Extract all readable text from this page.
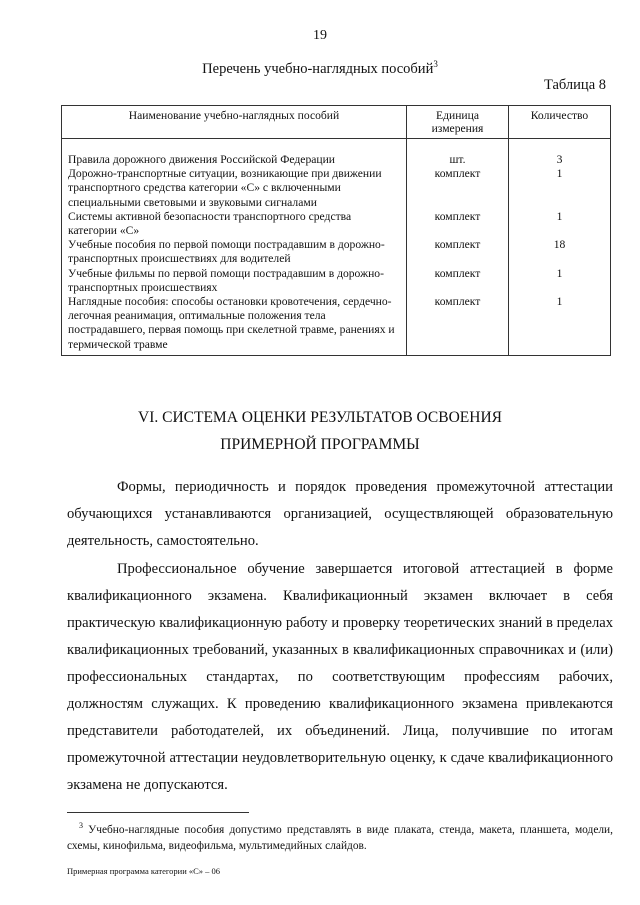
19
Перечень учебно-наглядных пособий$^3$
Таблица 8
Наименование учебно-наглядных пособий	Единица измерения	Количество

Правила дорожного движения Российской Федерации	шт.	3
Дорожно-транспортные ситуации, возникающие при движении транспортного средства категории «С» с включенными специальными световыми и звуковыми сигналами	комплект	1
Системы активной безопасности транспортного средства категории «С»	комплект	1
Учебные пособия по первой помощи пострадавшим в дорожно-транспортных происшествиях для водителей	комплект	18
Учебные фильмы по первой помощи пострадавшим в дорожно-транспортных происшествиях	комплект	1
Наглядные пособия: способы остановки кровотечения, сердечно-легочная реанимация, оптимальные положения тела пострадавшего, первая помощь при скелетной травме, ранениях и термической травме	комплект	1
VI. СИСТЕМА ОЦЕНКИ РЕЗУЛЬТАТОВ ОСВОЕНИЯ
ПРИМЕРНОЙ ПРОГРАММЫ

Формы, периодичность и порядок проведения промежуточной аттестации обучающихся устанавливаются организацией, осуществляющей образовательную деятельность, самостоятельно.

Профессиональное обучение завершается итоговой аттестацией в форме квалификационного экзамена. Квалификационный экзамен включает в себя практическую квалификационную работу и проверку теоретических знаний в пределах квалификационных требований, указанных в квалификационных справочниках и (или) профессиональных стандартах, по соответствующим профессиям рабочих, должностям служащих. К проведению квалификационного экзамена привлекаются представители работодателей, их объединений. Лица, получившие по итогам промежуточной аттестации неудовлетворительную оценку, к сдаче квалификационного экзамена не допускаются.

$^3$ Учебно-наглядные пособия допустимо представлять в виде плаката, стенда, макета, планшета, модели, схемы, кинофильма, видеофильма, мультимедийных слайдов.

Примерная программа категории «С» – 06
